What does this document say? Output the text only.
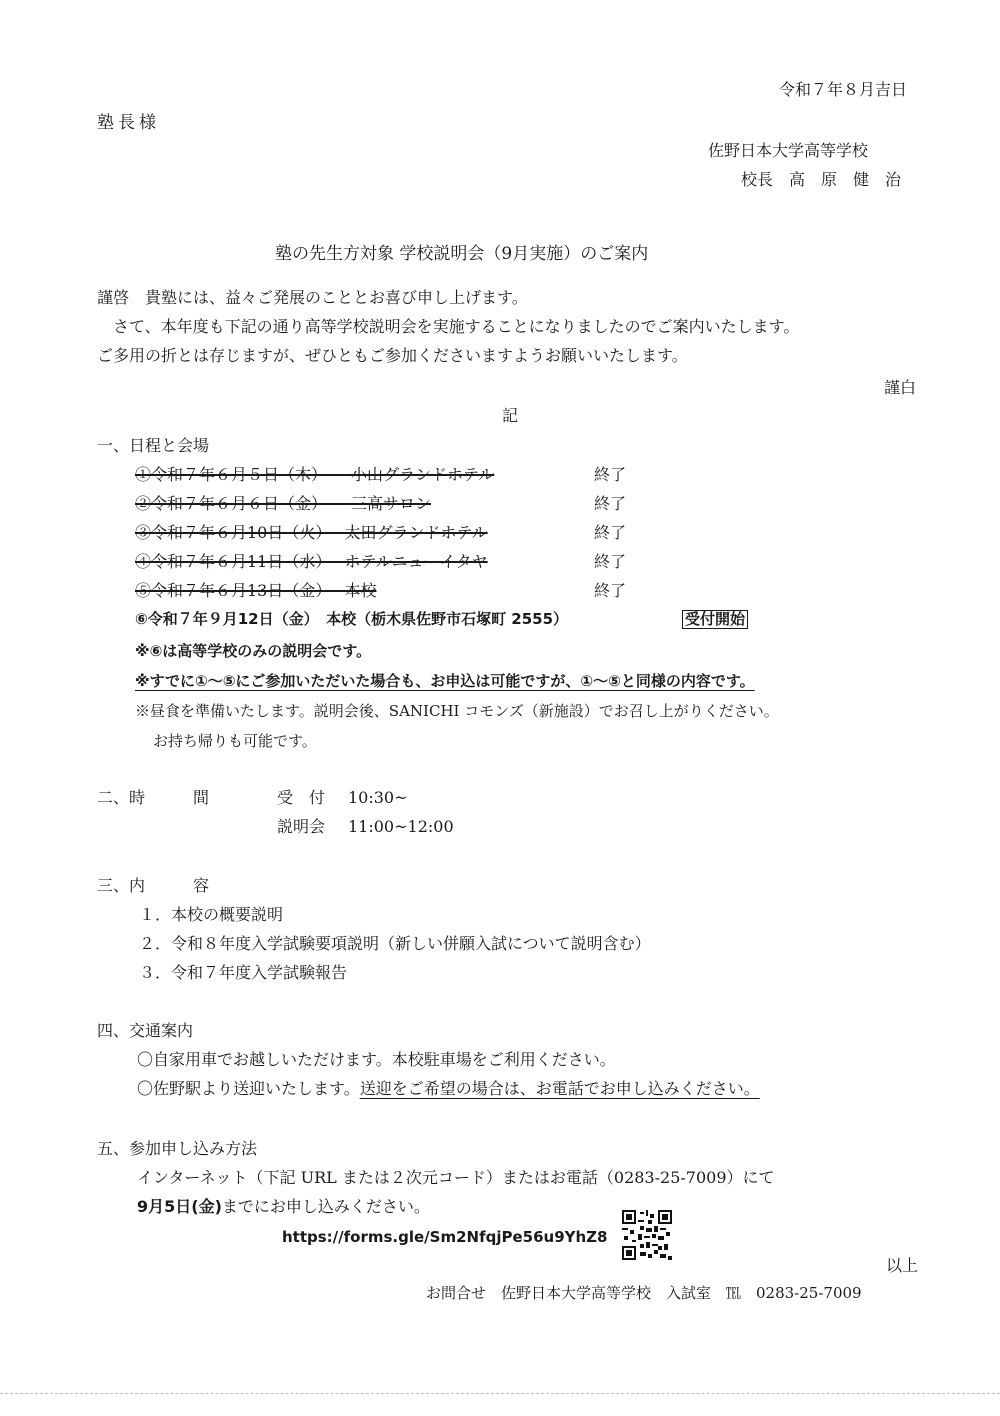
令和７年８月吉日
塾長様
佐野日本大学高等学校
校長　高　原　健　治
塾の先生方対象 学校説明会（9月実施）のご案内
謹啓　貴塾には、益々ご発展のこととお喜び申し上げます。
　さて、本年度も下記の通り高等学校説明会を実施することになりましたのでご案内いたします。
ご多用の折とは存じますが、ぜひともご参加くださいますようお願いいたします。
謹白
記
一、日程と会場
①令和７年６月５日（木）　　小山グランドホテル	終了
②令和７年６月６日（金）　　三高サロン	終了
③令和７年６月10日（火）　 太田グランドホテル	終了
④令和７年６月11日（水）　 ホテルニューイタヤ	終了
⑤令和７年６月13日（金）　 本校	終了
⑥令和７年９月12日（金）　本校（栃木県佐野市石塚町 2555）	受付開始
※⑥は高等学校のみの説明会です。
※すでに①～⑤にご参加いただいた場合も、お申込は可能ですが、①～⑤と同様の内容です。
※昼食を準備いたします。説明会後、SANICHI コモンズ（新施設）でお召し上がりください。
お持ち帰りも可能です。
二、時　　　間	受　付 10:30~
説明会 11:00~12:00
三、内　　　容
１．本校の概要説明
２．令和８年度入学試験要項説明（新しい併願入試について説明含む）
３．令和７年度入学試験報告
四、交通案内
〇自家用車でお越しいただけます。本校駐車場をご利用ください。
〇佐野駅より送迎いたします。送迎をご希望の場合は、お電話でお申し込みください。
五、参加申し込み方法
インターネット（下記 URL または２次元コード）またはお電話（0283-25-7009）にて
9月5日(金)までにお申し込みください。
https://forms.gle/Sm2NfqjPe56u9YhZ8
以上
お問合せ　佐野日本大学高等学校　入試室　℡　0283-25-7009
